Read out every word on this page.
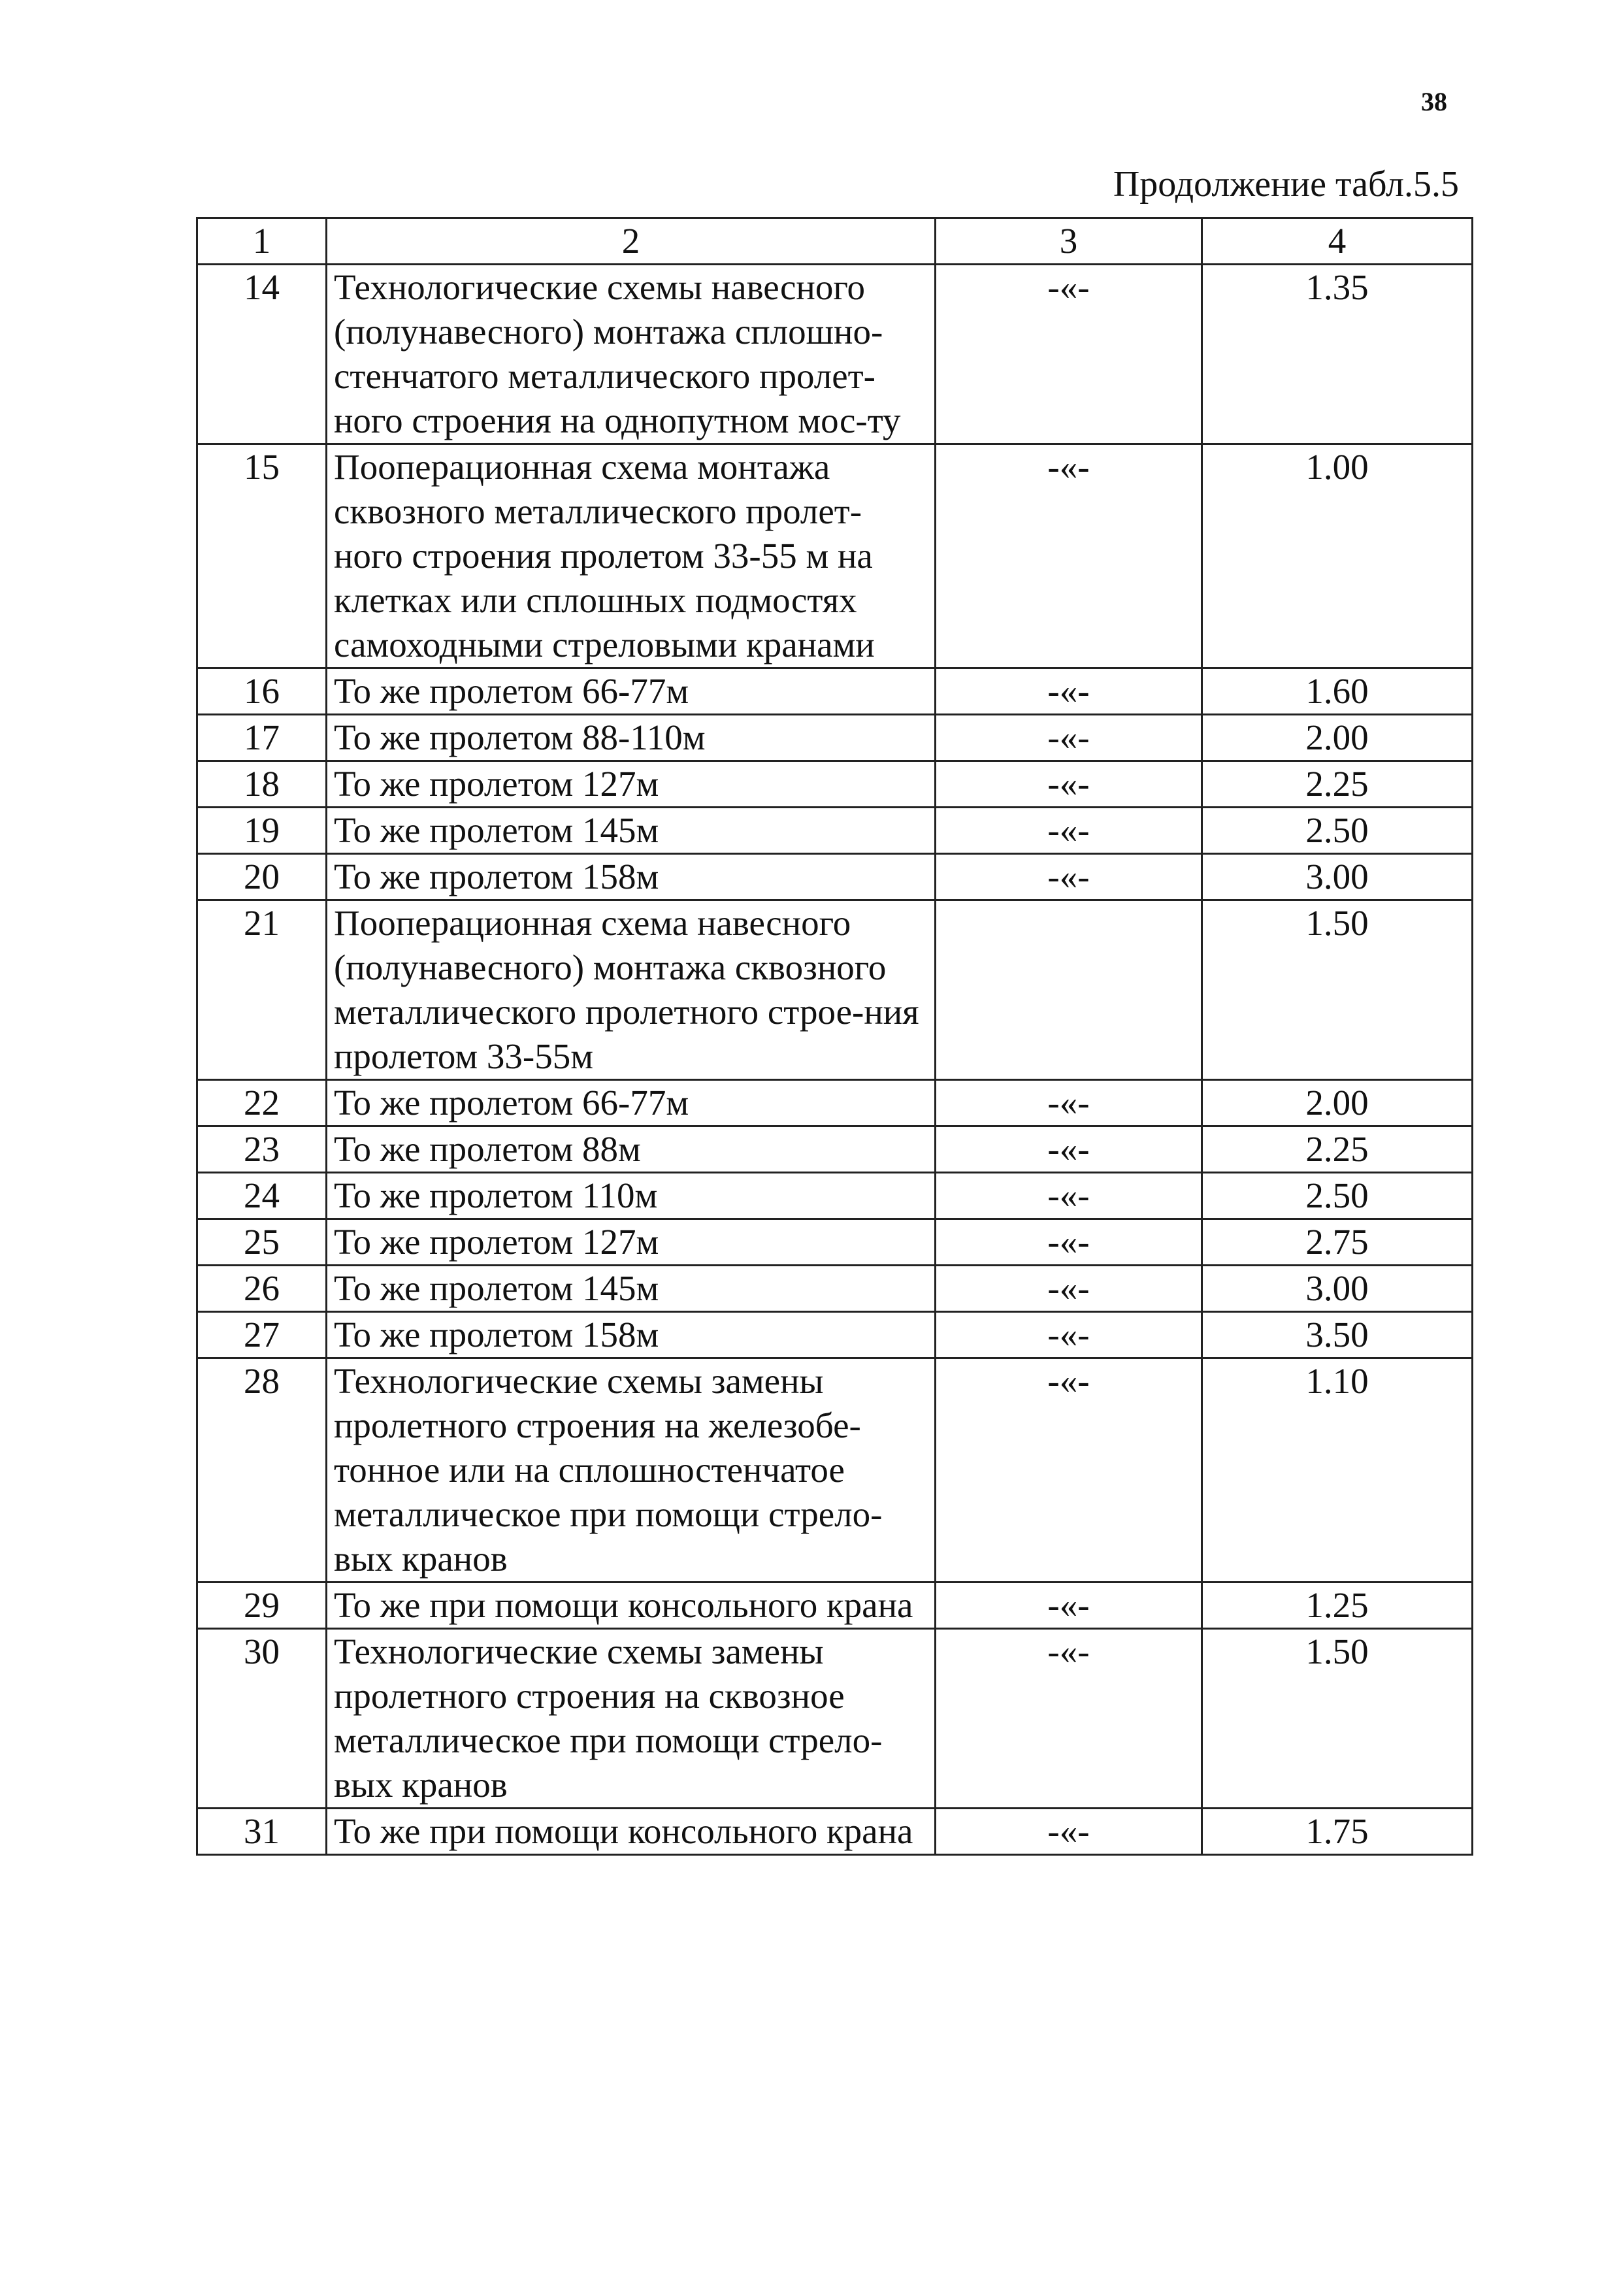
38
Продолжение табл.5.5
1	2	3	4
14	Технологические схемы навесного (полунавесного) монтажа сплошно-стенчатого металлического пролет-ного строения на однопутном мос-ту	-«-	1.35
15	Пооперационная схема монтажа сквозного металлического пролет-ного строения пролетом 33-55 м на клетках или сплошных подмостях самоходными стреловыми кранами	-«-	1.00
16	То же пролетом 66-77м	-«-	1.60
17	То же пролетом 88-110м	-«-	2.00
18	То же пролетом 127м	-«-	2.25
19	То же пролетом 145м	-«-	2.50
20	То же пролетом 158м	-«-	3.00
21	Пооперационная схема навесного (полунавесного) монтажа сквозного металлического пролетного строе-ния пролетом 33-55м		1.50
22	То же пролетом 66-77м	-«-	2.00
23	То же пролетом 88м	-«-	2.25
24	То же пролетом 110м	-«-	2.50
25	То же пролетом 127м	-«-	2.75
26	То же пролетом 145м	-«-	3.00
27	То же пролетом 158м	-«-	3.50
28	Технологические схемы замены пролетного строения на железобе-тонное или на сплошностенчатое металлическое при помощи стрело-вых кранов	-«-	1.10
29	То же при помощи консольного крана	-«-	1.25
30	Технологические схемы замены пролетного строения на сквозное металлическое при помощи стрело-вых кранов	-«-	1.50
31	То же при помощи консольного крана	-«-	1.75
